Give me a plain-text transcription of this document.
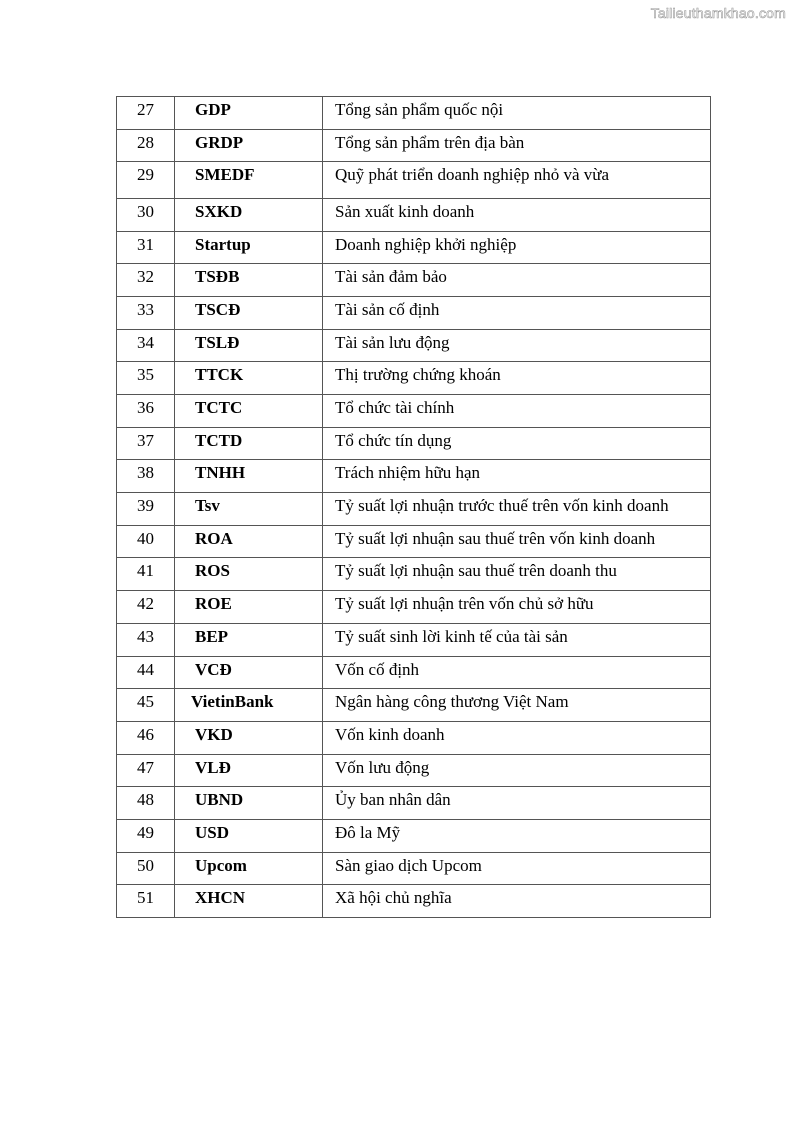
Tailieuthamkhao.com
27	GDP	Tổng sản phẩm quốc nội
28	GRDP	Tổng sản phẩm trên địa bàn
29	SMEDF	Quỹ phát triển doanh nghiệp nhỏ và vừa
30	SXKD	Sản xuất kinh doanh
31	Startup	Doanh nghiệp khởi nghiệp
32	TSĐB	Tài sản đảm bảo
33	TSCĐ	Tài sản cố định
34	TSLĐ	Tài sản lưu động
35	TTCK	Thị trường chứng khoán
36	TCTC	Tổ chức tài chính
37	TCTD	Tổ chức tín dụng
38	TNHH	Trách nhiệm hữu hạn
39	Tsv	Tỷ suất lợi nhuận trước thuế trên vốn kinh doanh
40	ROA	Tỷ suất lợi nhuận sau thuế trên vốn kinh doanh
41	ROS	Tỷ suất lợi nhuận sau thuế trên doanh thu
42	ROE	Tỷ suất lợi nhuận trên vốn chủ sở hữu
43	BEP	Tỷ suất sinh lời kinh tế của tài sản
44	VCĐ	Vốn cố định
45	VietinBank	Ngân hàng công thương Việt Nam
46	VKD	Vốn kinh doanh
47	VLĐ	Vốn lưu động
48	UBND	Ủy ban nhân dân
49	USD	Đô la Mỹ
50	Upcom	Sàn giao dịch Upcom
51	XHCN	Xã hội chủ nghĩa
